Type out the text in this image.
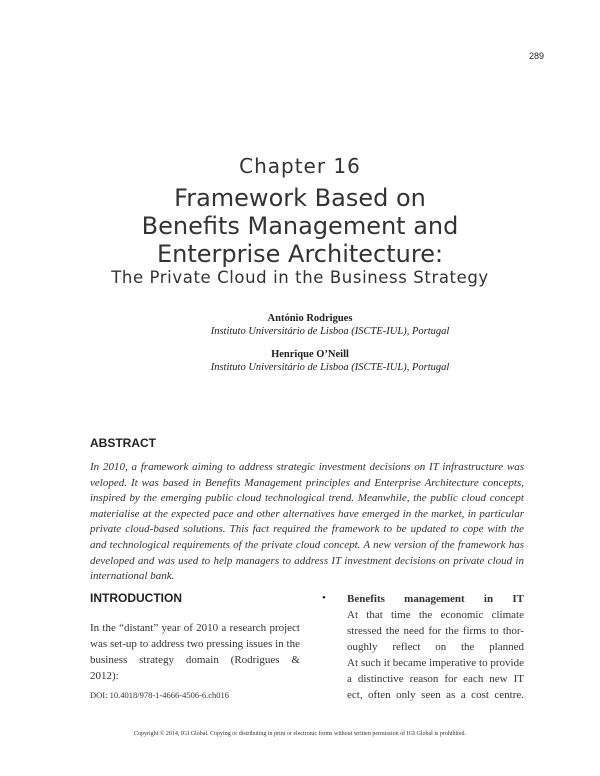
289
Chapter 16
Framework Based on
Benefits Management and
Enterprise Architecture:
The Private Cloud in the Business Strategy
António Rodrigues
Instituto Universitário de Lisboa (ISCTE-IUL), Portugal
Henrique O’Neill
Instituto Universitário de Lisboa (ISCTE-IUL), Portugal
ABSTRACT
In 2010, a framework aiming to address strategic investment decisions on IT infrastructure was
veloped. It was based in Benefits Management principles and Enterprise Architecture concepts,
inspired by the emerging public cloud technological trend. Meanwhile, the public cloud concept
materialise at the expected pace and other alternatives have emerged in the market, in particular
private cloud-based solutions. This fact required the framework to be updated to cope with the
and technological requirements of the private cloud concept. A new version of the framework has
developed and was used to help managers to address IT investment decisions on private cloud in
international bank.
INTRODUCTION
In the “distant” year of 2010 a research project
was set-up to address two pressing issues in the
business strategy domain (Rodrigues &
2012):
• Benefits management in IT
At that time the economic climate
stressed the need for the firms to thor-
oughly reflect on the planned
At such it became imperative to provide
a distinctive reason for each new IT
ect, often only seen as a cost centre.
DOI: 10.4018/978-1-4666-4506-6.ch016
Copyright © 2014, IGI Global. Copying or distributing in print or electronic forms without written permission of IGI Global is prohibited.
